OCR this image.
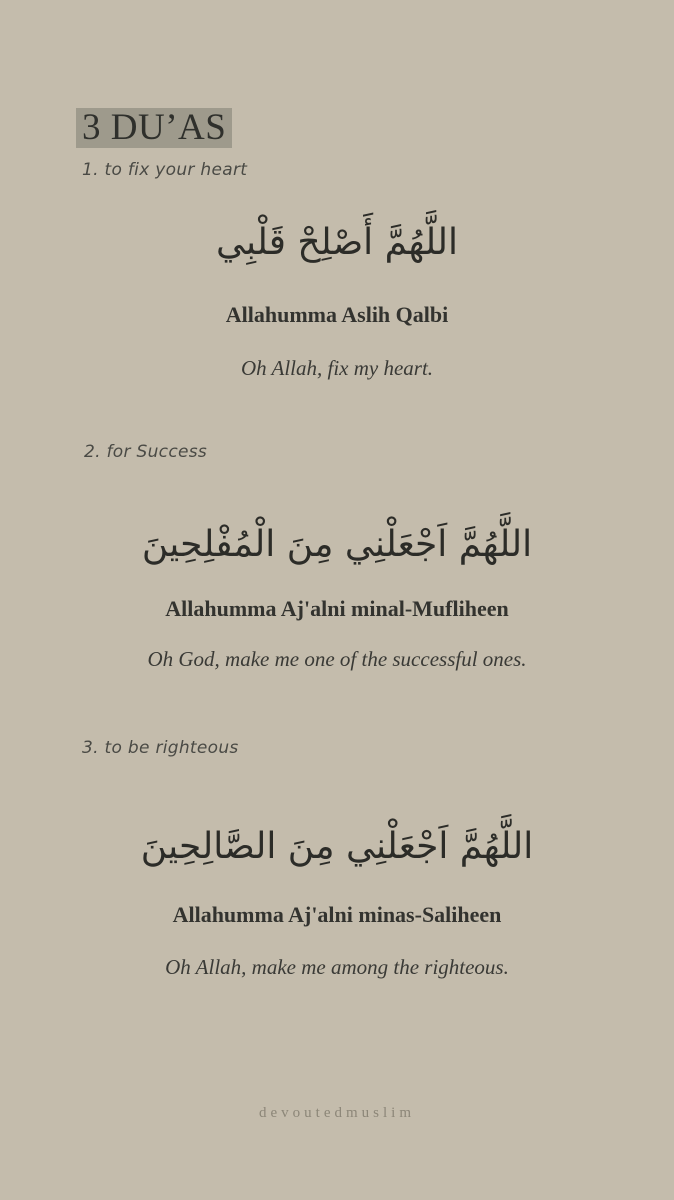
3 DU’AS
1. to fix your heart
اللَّهُمَّ أَصْلِحْ قَلْبِي
Allahumma Aslih Qalbi
Oh Allah, fix my heart.
2. for Success
اللَّهُمَّ اَجْعَلْنِي مِنَ الْمُفْلِحِينَ
Allahumma Aj'alni minal-Mufliheen
Oh God, make me one of the successful ones.
3. to be righteous
اللَّهُمَّ اَجْعَلْنِي مِنَ الصَّالِحِينَ
Allahumma Aj'alni minas-Saliheen
Oh Allah, make me among the righteous.
devoutedmuslim
